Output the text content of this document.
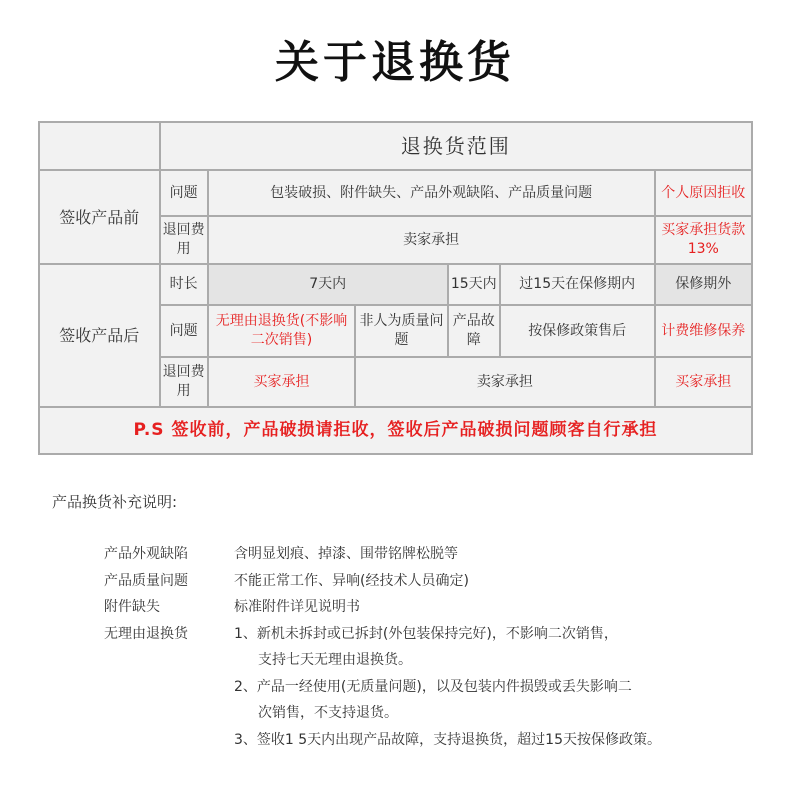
关于退换货
	退换货范围					
签收产品前	问题	包装破损、附件缺失、产品外观缺陷、产品质量问题				个人原因拒收
	退回费用	卖家承担				买家承担货款13%
签收产品后	时长	7天内		15天内	过15天在保修期内	保修期外
	问题	无理由退换货(不影响二次销售)	非人为质量问题	产品故障	按保修政策售后	计费维修保养
	退回费用	买家承担	卖家承担			买家承担
P.S 签收前，产品破损请拒收，签收后产品破损问题顾客自行承担						
产品换货补充说明:
产品外观缺陷	含明显划痕、掉漆、围带铭牌松脱等
产品质量问题	不能正常工作、异响(经技术人员确定)
附件缺失	标准附件详见说明书
无理由退换货	1、新机未拆封或已拆封(外包装保持完好)，不影响二次销售，
支持七天无理由退换货。
2、产品一经使用(无质量问题)，以及包装内件损毁或丢失影响二
次销售，不支持退货。
3、签收1 5天内出现产品故障，支持退换货，超过15天按保修政策。
